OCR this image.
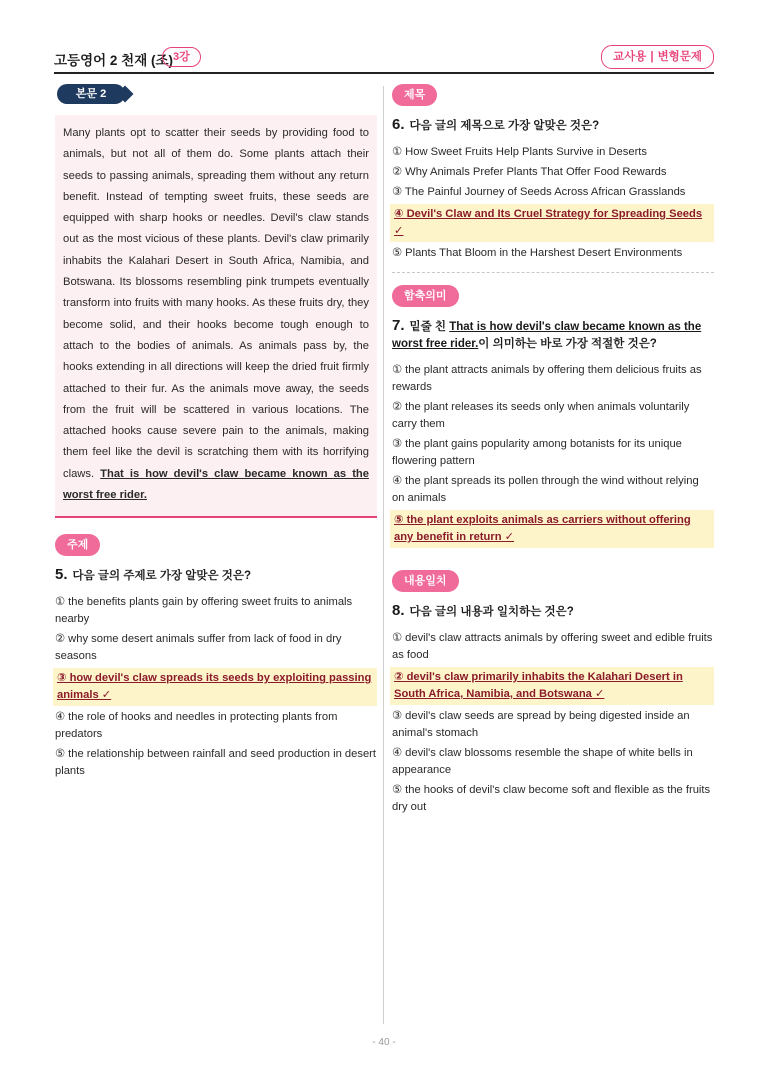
고등영어 2 천재 (조) 3강	교사용 | 변형문제
본문 2

Many plants opt to scatter their seeds by providing food to animals, but not all of them do. Some plants attach their seeds to passing animals, spreading them without any return benefit. Instead of tempting sweet fruits, these seeds are equipped with sharp hooks or needles. Devil's claw stands out as the most vicious of these plants. Devil's claw primarily inhabits the Kalahari Desert in South Africa, Namibia, and Botswana. Its blossoms resembling pink trumpets eventually transform into fruits with many hooks. As these fruits dry, they become solid, and their hooks become tough enough to attach to the bodies of animals. As animals pass by, the hooks extending in all directions will keep the dried fruit firmly attached to their fur. As the animals move away, the seeds from the fruit will be scattered in various locations. The attached hooks cause severe pain to the animals, making them feel like the devil is scratching them with its horrifying claws. That is how devil's claw became known as the worst free rider.

주제
5. 다음 글의 주제로 가장 알맞은 것은?
① the benefits plants gain by offering sweet fruits to animals nearby
② why some desert animals suffer from lack of food in dry seasons
③ how devil's claw spreads its seeds by exploiting passing animals ✓
④ the role of hooks and needles in protecting plants from predators
⑤ the relationship between rainfall and seed production in desert plants
제목
6. 다음 글의 제목으로 가장 알맞은 것은?
① How Sweet Fruits Help Plants Survive in Deserts
② Why Animals Prefer Plants That Offer Food Rewards
③ The Painful Journey of Seeds Across African Grasslands
④ Devil's Claw and Its Cruel Strategy for Spreading Seeds ✓
⑤ Plants That Bloom in the Harshest Desert Environments
함축의미
7. 밑줄 친 That is how devil's claw became known as the worst free rider.이 의미하는 바로 가장 적절한 것은?
① the plant attracts animals by offering them delicious fruits as rewards
② the plant releases its seeds only when animals voluntarily carry them
③ the plant gains popularity among botanists for its unique flowering pattern
④ the plant spreads its pollen through the wind without relying on animals
⑤ the plant exploits animals as carriers without offering any benefit in return ✓
내용일치
8. 다음 글의 내용과 일치하는 것은?
① devil's claw attracts animals by offering sweet and edible fruits as food
② devil's claw primarily inhabits the Kalahari Desert in South Africa, Namibia, and Botswana ✓
③ devil's claw seeds are spread by being digested inside an animal's stomach
④ devil's claw blossoms resemble the shape of white bells in appearance
⑤ the hooks of devil's claw become soft and flexible as the fruits dry out
- 40 -
